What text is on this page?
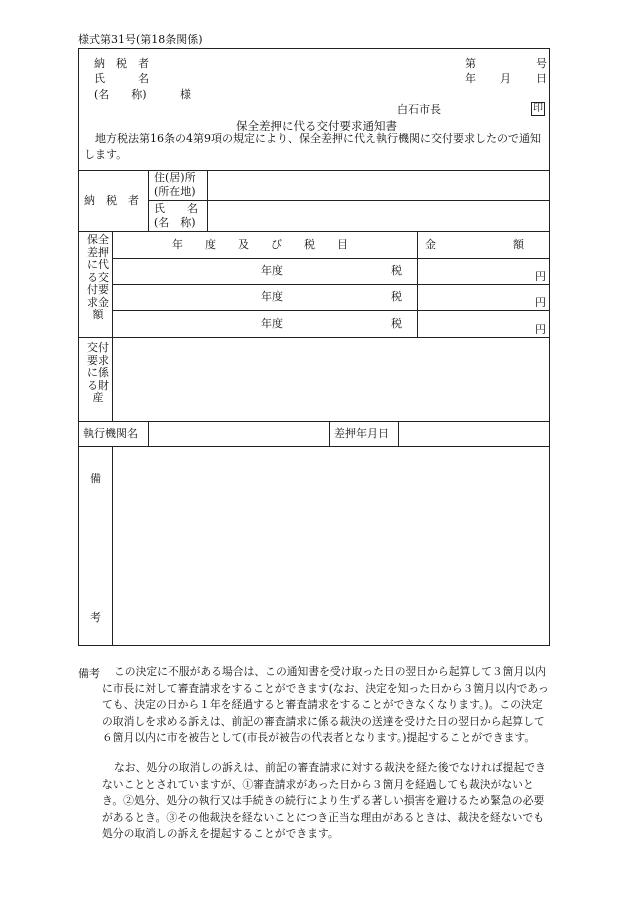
様式第31号(第18条関係)
納　税　者
氏　　　名
(名　　称)	様
第	号
年 月 日
白石市長	印
保全差押に代る交付要求通知書
地方税法第16条の4第9項の規定により、保全差押に代え執行機関に交付要求したので通知します。
納　税　者
住(居)所
(所在地)
氏　　名
(名　称)
保全差押に代る交付要求金額
年　　度　　及　　び　　税　　目	金　　　　　　　額
年度	税	円
年度	税	円
年度	税	円
交付要求に係る財産
執行機関名	差押年月日
備
考
備考	この決定に不服がある場合は、この通知書を受け取った日の翌日から起算して３箇月以内に市長に対して審査請求をすることができます(なお、決定を知った日から３箇月以内であっても、決定の日から１年を経過すると審査請求をすることができなくなります。)。この決定の取消しを求める訴えは、前記の審査請求に係る裁決の送達を受けた日の翌日から起算して６箇月以内に市を被告として(市長が被告の代表者となります。)提起することができます。
なお、処分の取消しの訴えは、前記の審査請求に対する裁決を経た後でなければ提起できないこととされていますが、①審査請求があった日から３箇月を経過しても裁決がないとき。②処分、処分の執行又は手続きの続行により生ずる著しい損害を避けるため緊急の必要があるとき。③その他裁決を経ないことにつき正当な理由があるときは、裁決を経ないでも処分の取消しの訴えを提起することができます。
